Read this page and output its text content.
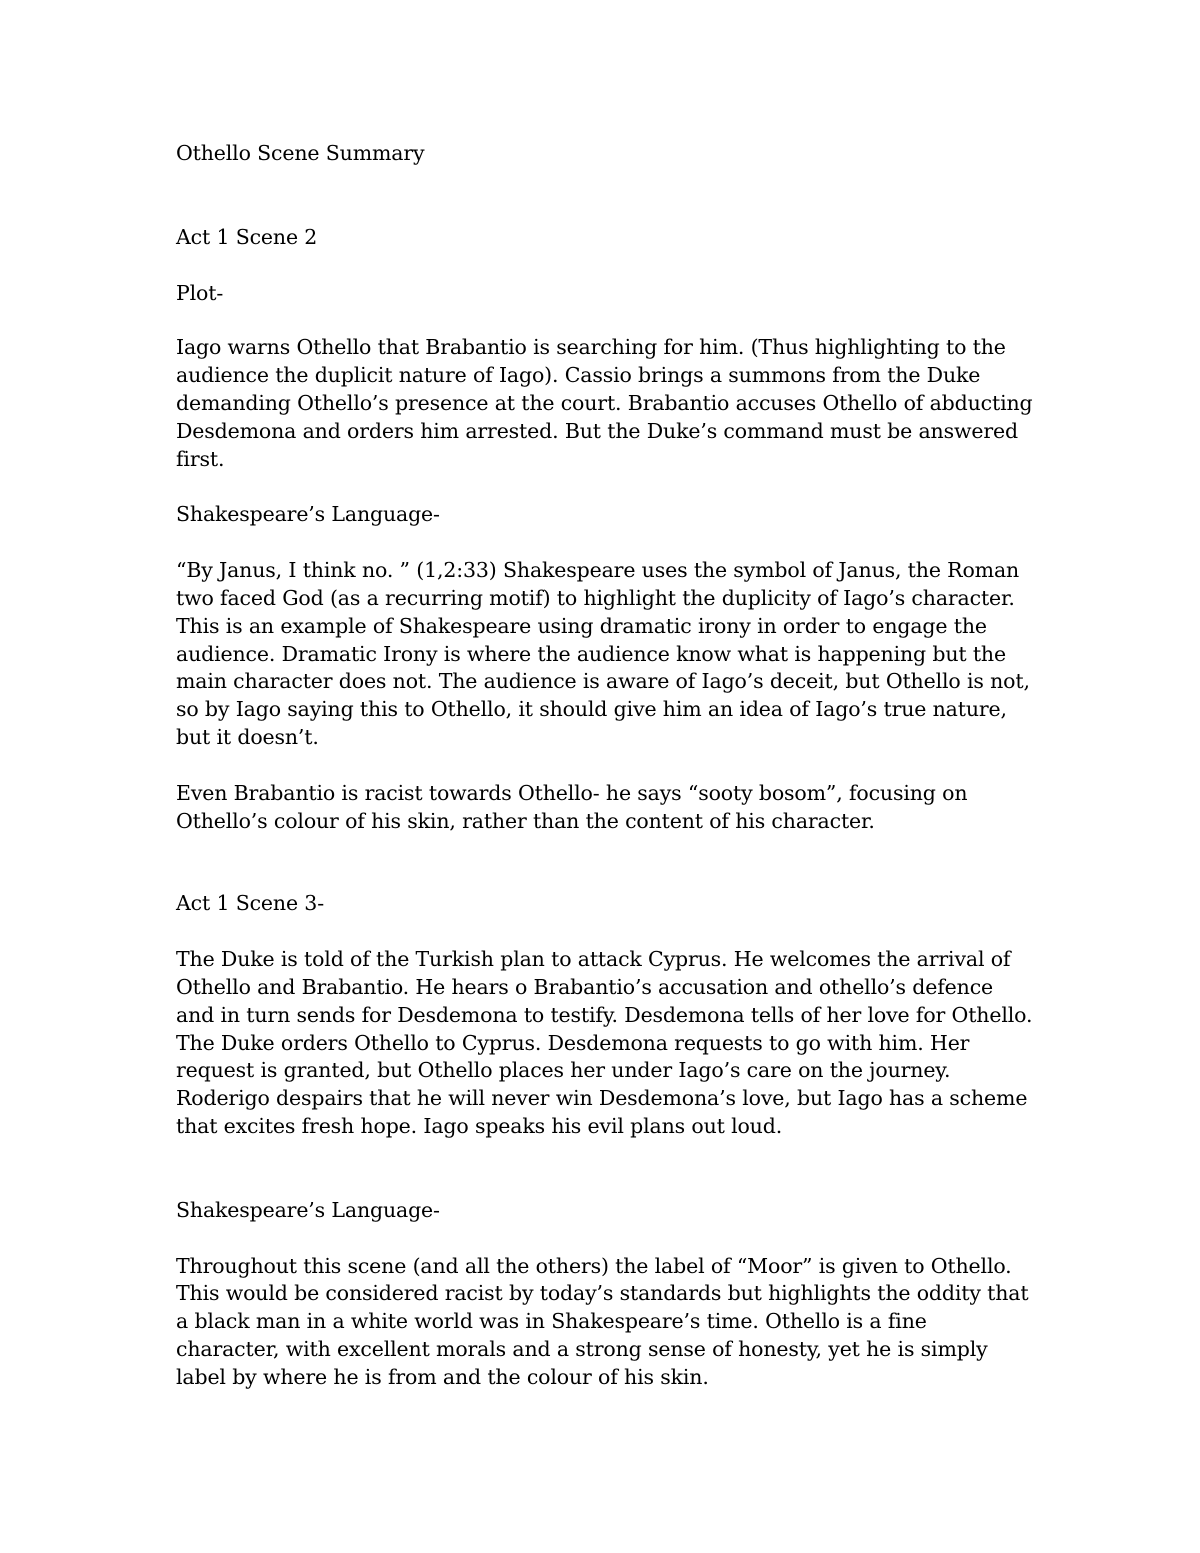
Othello Scene Summary

Act 1 Scene 2

Plot-

Iago warns Othello that Brabantio is searching for him. (Thus highlighting to the audience the duplicit nature of Iago). Cassio brings a summons from the Duke demanding Othello’s presence at the court. Brabantio accuses Othello of abducting Desdemona and orders him arrested. But the Duke’s command must be answered first.

Shakespeare’s Language-

“By Janus, I think no. ” (1,2:33) Shakespeare uses the symbol of Janus, the Roman two faced God (as a recurring motif) to highlight the duplicity of Iago’s character. This is an example of Shakespeare using dramatic irony in order to engage the audience. Dramatic Irony is where the audience know what is happening but the main character does not. The audience is aware of Iago’s deceit, but Othello is not, so by Iago saying this to Othello, it should give him an idea of Iago’s true nature, but it doesn’t.

Even Brabantio is racist towards Othello- he says “sooty bosom”, focusing on Othello’s colour of his skin, rather than the content of his character.

Act 1 Scene 3-

The Duke is told of the Turkish plan to attack Cyprus. He welcomes the arrival of Othello and Brabantio. He hears o Brabantio’s accusation and othello’s defence and in turn sends for Desdemona to testify. Desdemona tells of her love for Othello. The Duke orders Othello to Cyprus. Desdemona requests to go with him. Her request is granted, but Othello places her under Iago’s care on the journey. Roderigo despairs that he will never win Desdemona’s love, but Iago has a scheme that excites fresh hope. Iago speaks his evil plans out loud.

Shakespeare’s Language-

Throughout this scene (and all the others) the label of “Moor” is given to Othello. This would be considered racist by today’s standards but highlights the oddity that a black man in a white world was in Shakespeare’s time. Othello is a fine character, with excellent morals and a strong sense of honesty, yet he is simply label by where he is from and the colour of his skin.
